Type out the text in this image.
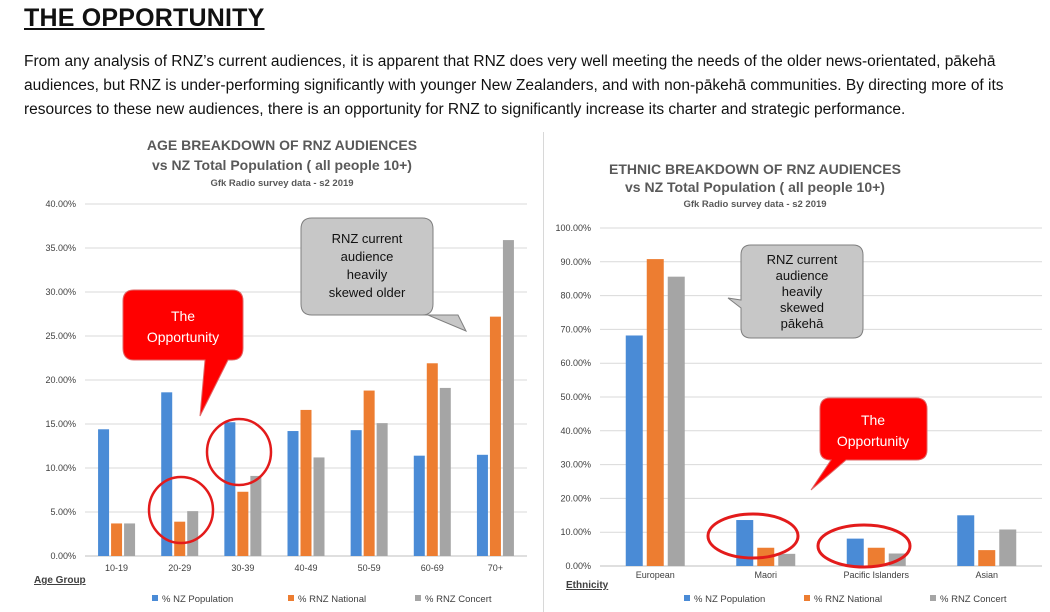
THE OPPORTUNITY
From any analysis of RNZ’s current audiences, it is apparent that RNZ does very well meeting the needs of the older news-orientated, pākehā audiences, but RNZ is under-performing significantly with younger New Zealanders, and with non-pākehā communities. By directing more of its resources to these new audiences, there is an opportunity for RNZ to significantly increase its charter and strategic performance.
AGE BREAKDOWN OF RNZ AUDIENCES
vs NZ Total Population ( all people 10+)
Gfk Radio survey data - s2 2019
0.00%
5.00%
10.00%
15.00%
20.00%
25.00%
30.00%
35.00%
40.00%
10-19	20-29	30-39	40-49	50-59	60-69	70+
Age Group
The
Opportunity
RNZ current
audience
heavily
skewed older
% NZ Population	% RNZ National	% RNZ Concert
ETHNIC BREAKDOWN OF RNZ AUDIENCES
vs NZ Total Population ( all people 10+)
Gfk Radio survey data - s2 2019
0.00%
10.00%
20.00%
30.00%
40.00%
50.00%
60.00%
70.00%
80.00%
90.00%
100.00%
European	Maori	Pacific Islanders	Asian
Ethnicity
RNZ current
audience
heavily
skewed
pākehā
The
Opportunity
% NZ Population	% RNZ National	% RNZ Concert
